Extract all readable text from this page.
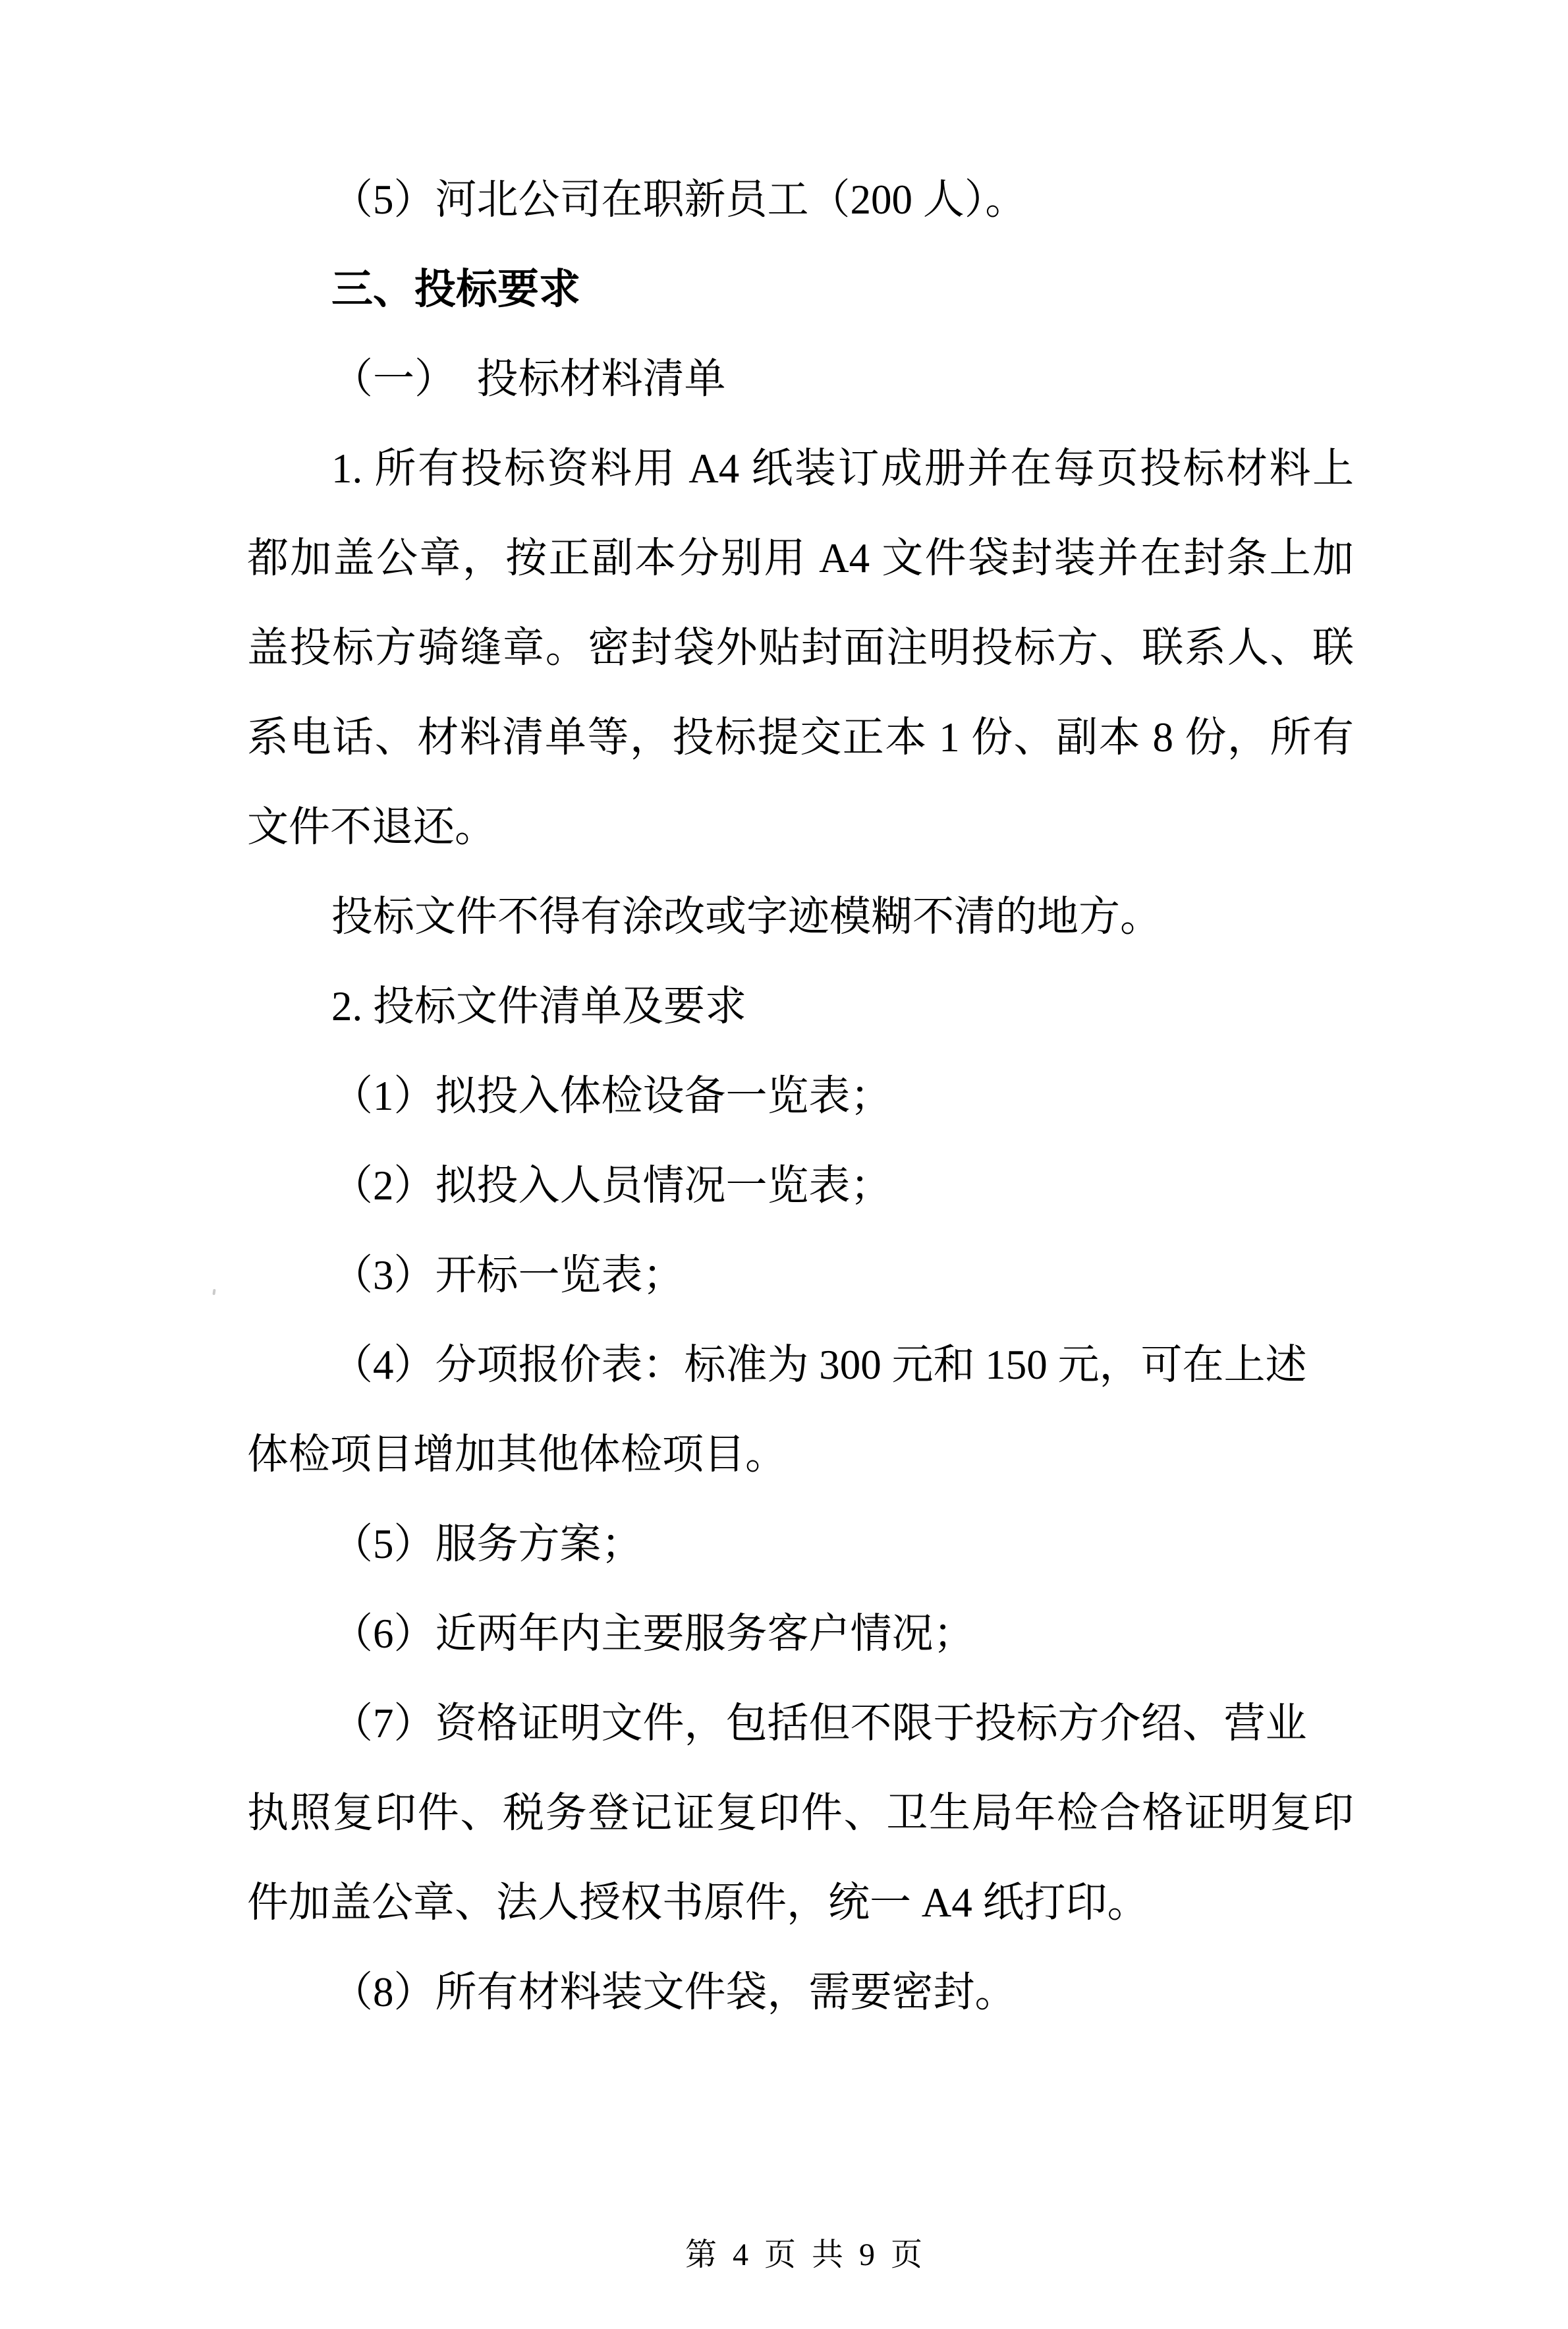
（5）河北公司在职新员工（200 人）。
三、投标要求
（一）　投标材料清单
1. 所有投标资料用 A4 纸装订成册并在每页投标材料上
都加盖公章，按正副本分别用 A4 文件袋封装并在封条上加
盖投标方骑缝章。密封袋外贴封面注明投标方、联系人、联
系电话、材料清单等，投标提交正本 1 份、副本 8 份，所有
文件不退还。
投标文件不得有涂改或字迹模糊不清的地方。
2. 投标文件清单及要求
（1）拟投入体检设备一览表；
（2）拟投入人员情况一览表；
（3）开标一览表；
（4）分项报价表：标准为 300 元和 150 元，可在上述
体检项目增加其他体检项目。
（5）服务方案；
（6）近两年内主要服务客户情况；
（7）资格证明文件，包括但不限于投标方介绍、营业
执照复印件、税务登记证复印件、卫生局年检合格证明复印
件加盖公章、法人授权书原件，统一 A4 纸打印。
（8）所有材料装文件袋，需要密封。
第 4 页 共 9 页
